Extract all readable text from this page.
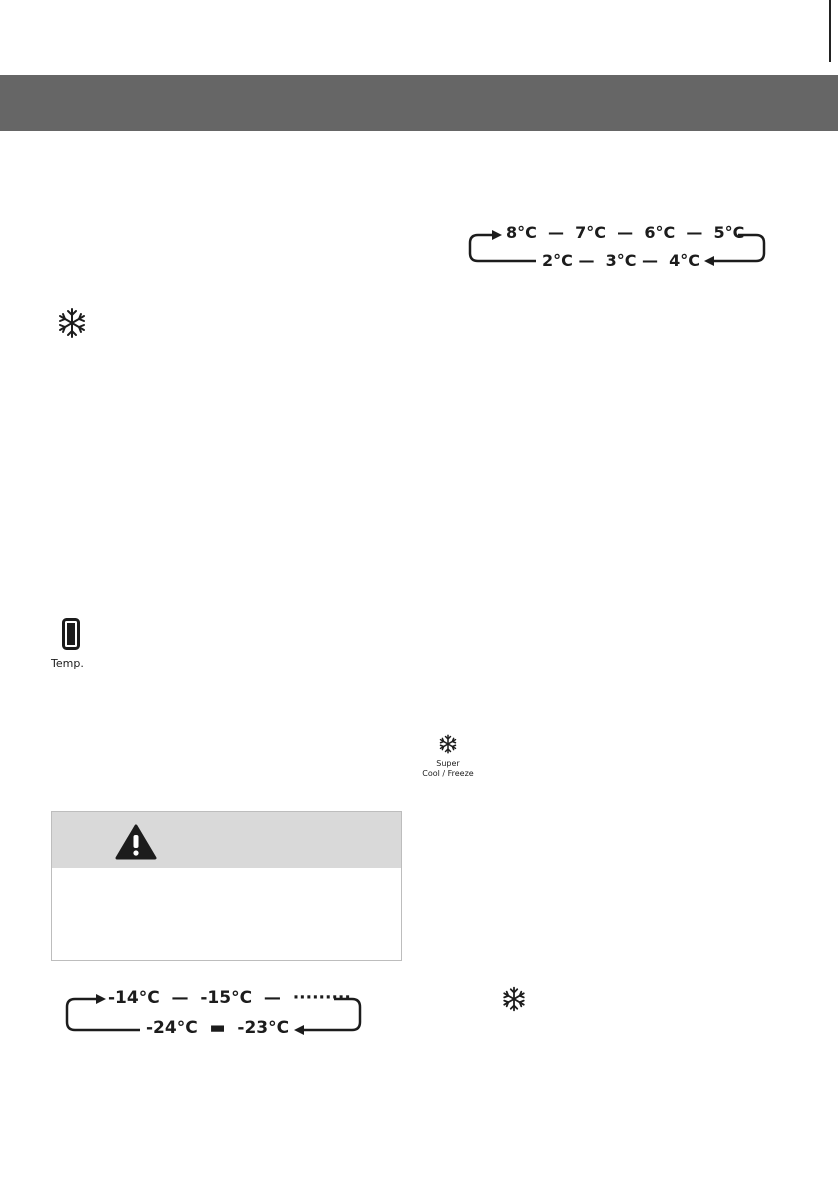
8°C  —  7°C  —  6°C  —  5°C
2°C —  3°C —  4°C
Temp.
Super
Cool / Freeze
-14°C  —  -15°C  —  ·········
-24°C  ▬  -23°C
